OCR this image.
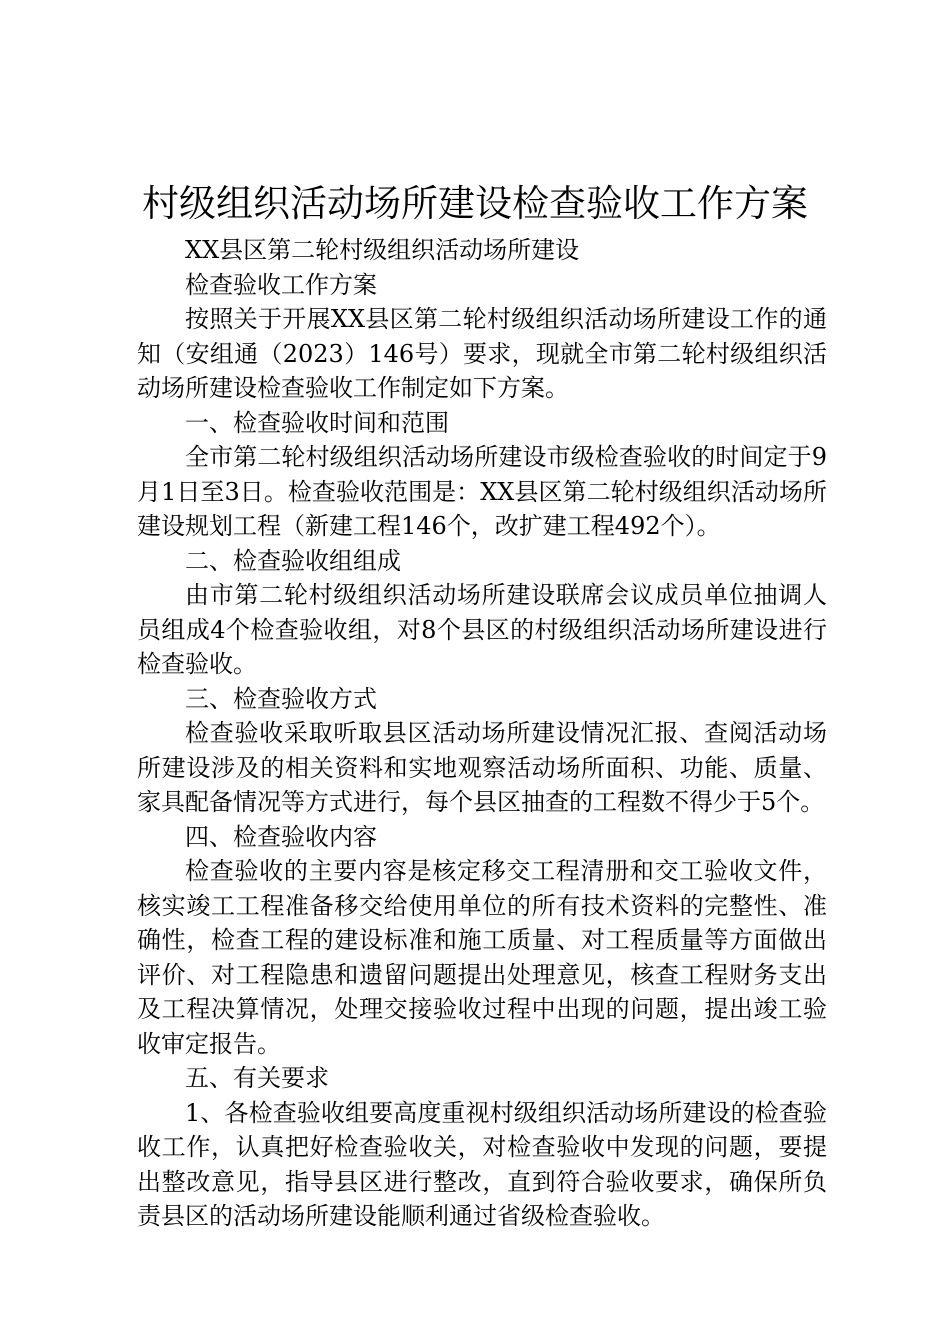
村级组织活动场所建设检查验收工作方案

XX县区第二轮村级组织活动场所建设

检查验收工作方案

按照关于开展XX县区第二轮村级组织活动场所建设工作的通知（安组通（2023）146号）要求，现就全市第二轮村级组织活动场所建设检查验收工作制定如下方案。

一、检查验收时间和范围

全市第二轮村级组织活动场所建设市级检查验收的时间定于9月1日至3日。检查验收范围是：XX县区第二轮村级组织活动场所建设规划工程（新建工程146个，改扩建工程492个）。

二、检查验收组组成

由市第二轮村级组织活动场所建设联席会议成员单位抽调人员组成4个检查验收组，对8个县区的村级组织活动场所建设进行检查验收。

三、检查验收方式

检查验收采取听取县区活动场所建设情况汇报、查阅活动场所建设涉及的相关资料和实地观察活动场所面积、功能、质量、家具配备情况等方式进行，每个县区抽查的工程数不得少于5个。

四、检查验收内容

检查验收的主要内容是核定移交工程清册和交工验收文件，核实竣工工程准备移交给使用单位的所有技术资料的完整性、准确性，检查工程的建设标准和施工质量、对工程质量等方面做出评价、对工程隐患和遗留问题提出处理意见，核查工程财务支出及工程决算情况，处理交接验收过程中出现的问题，提出竣工验收审定报告。

五、有关要求

1、各检查验收组要高度重视村级组织活动场所建设的检查验收工作，认真把好检查验收关，对检查验收中发现的问题，要提出整改意见，指导县区进行整改，直到符合验收要求，确保所负责县区的活动场所建设能顺利通过省级检查验收。
